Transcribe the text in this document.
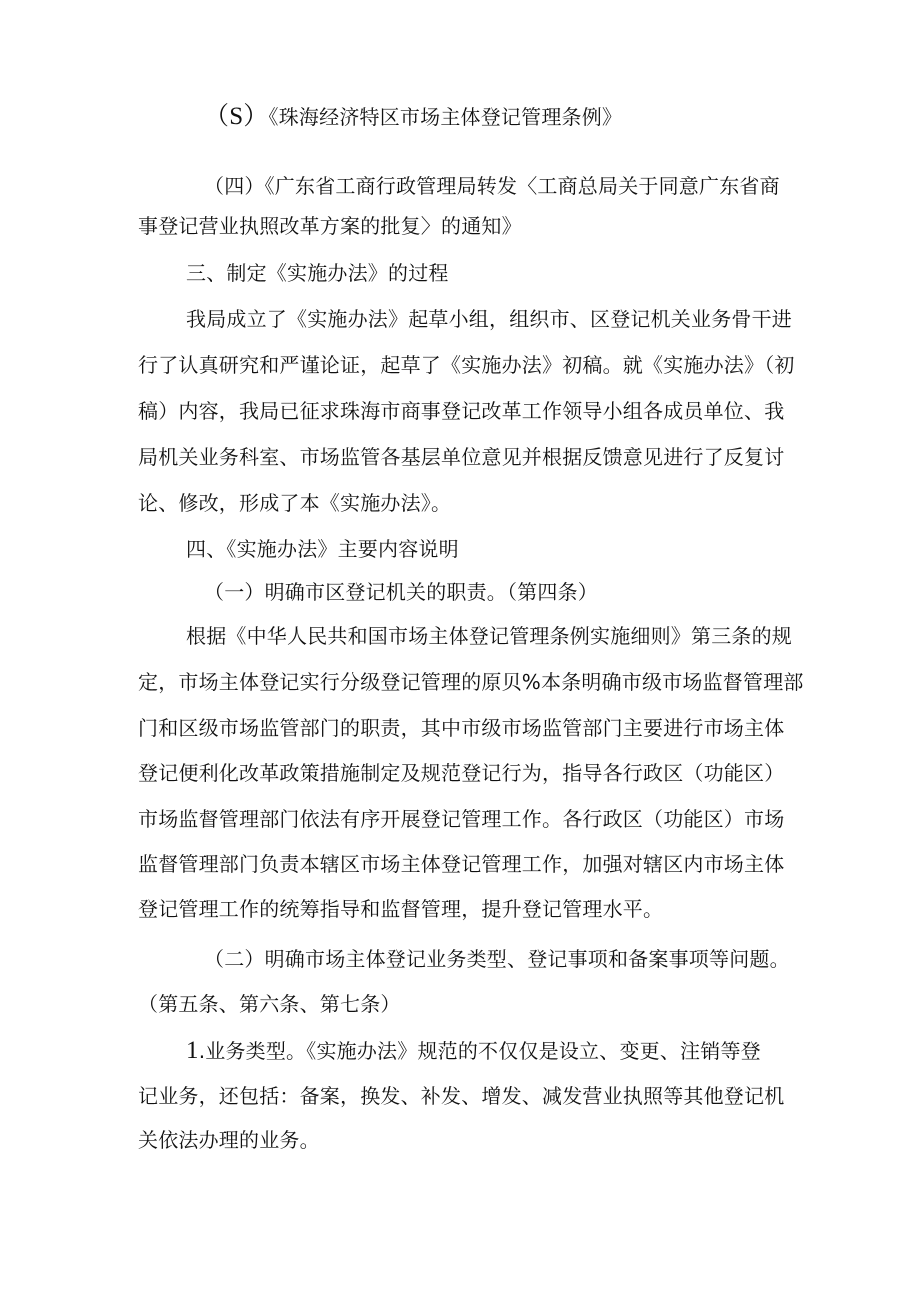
（S）《珠海经济特区市场主体登记管理条例》
（四）《广东省工商行政管理局转发〈工商总局关于同意广东省商
事登记营业执照改革方案的批复〉的通知》
三、制定《实施办法》的过程
我局成立了《实施办法》起草小组，组织市、区登记机关业务骨干进
行了认真研究和严谨论证，起草了《实施办法》初稿。就《实施办法》（初
稿）内容，我局已征求珠海市商事登记改革工作领导小组各成员单位、我
局机关业务科室、市场监管各基层单位意见并根据反馈意见进行了反复讨
论、修改，形成了本《实施办法》。
四、《实施办法》主要内容说明
（一）明确市区登记机关的职责。（第四条）
根据《中华人民共和国市场主体登记管理条例实施细则》第三条的规
定，市场主体登记实行分级登记管理的原贝%本条明确市级市场监督管理部
门和区级市场监管部门的职责，其中市级市场监管部门主要进行市场主体
登记便利化改革政策措施制定及规范登记行为，指导各行政区（功能区）
市场监督管理部门依法有序开展登记管理工作。各行政区（功能区）市场
监督管理部门负责本辖区市场主体登记管理工作，加强对辖区内市场主体
登记管理工作的统筹指导和监督管理，提升登记管理水平。
（二）明确市场主体登记业务类型、登记事项和备案事项等问题。
（第五条、第六条、第七条）
1.业务类型。《实施办法》规范的不仅仅是设立、变更、注销等登
记业务，还包括：备案，换发、补发、增发、减发营业执照等其他登记机
关依法办理的业务。
